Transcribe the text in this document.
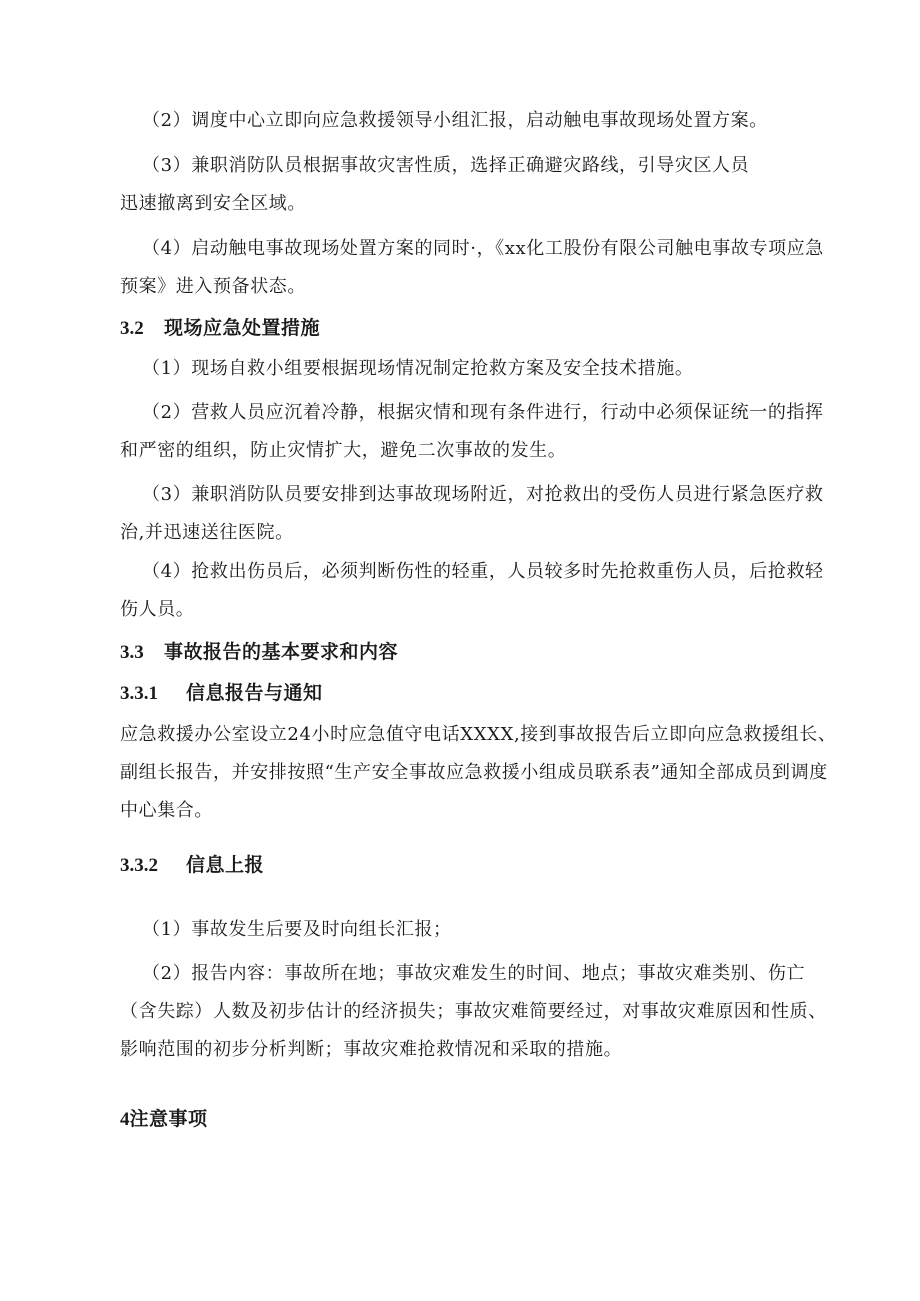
（2）调度中心立即向应急救援领导小组汇报，启动触电事故现场处置方案。

（3）兼职消防队员根据事故灾害性质，选择正确避灾路线，引导灾区人员

迅速撤离到安全区域。

（4）启动触电事故现场处置方案的同时·，《xx化工股份有限公司触电事故专项应急预案》进入预备状态。

3.2 现场应急处置措施

（1）现场自救小组要根据现场情况制定抢救方案及安全技术措施。

（2）营救人员应沉着冷静，根据灾情和现有条件进行，行动中必须保证统一的指挥和严密的组织，防止灾情扩大，避免二次事故的发生。

（3）兼职消防队员要安排到达事故现场附近，对抢救出的受伤人员进行紧急医疗救治,并迅速送往医院。

（4）抢救出伤员后，必须判断伤性的轻重，人员较多时先抢救重伤人员，后抢救轻伤人员。

3.3 事故报告的基本要求和内容
3.3.1 信息报告与通知

应急救援办公室设立24小时应急值守电话XXXX,接到事故报告后立即向应急救援组长、副组长报告，并安排按照“生产安全事故应急救援小组成员联系表”通知全部成员到调度中心集合。

3.3.2 信息上报

（1）事故发生后要及时向组长汇报；

（2）报告内容：事故所在地；事故灾难发生的时间、地点；事故灾难类别、伤亡（含失踪）人数及初步估计的经济损失；事故灾难简要经过，对事故灾难原因和性质、影响范围的初步分析判断；事故灾难抢救情况和采取的措施。

4注意事项
